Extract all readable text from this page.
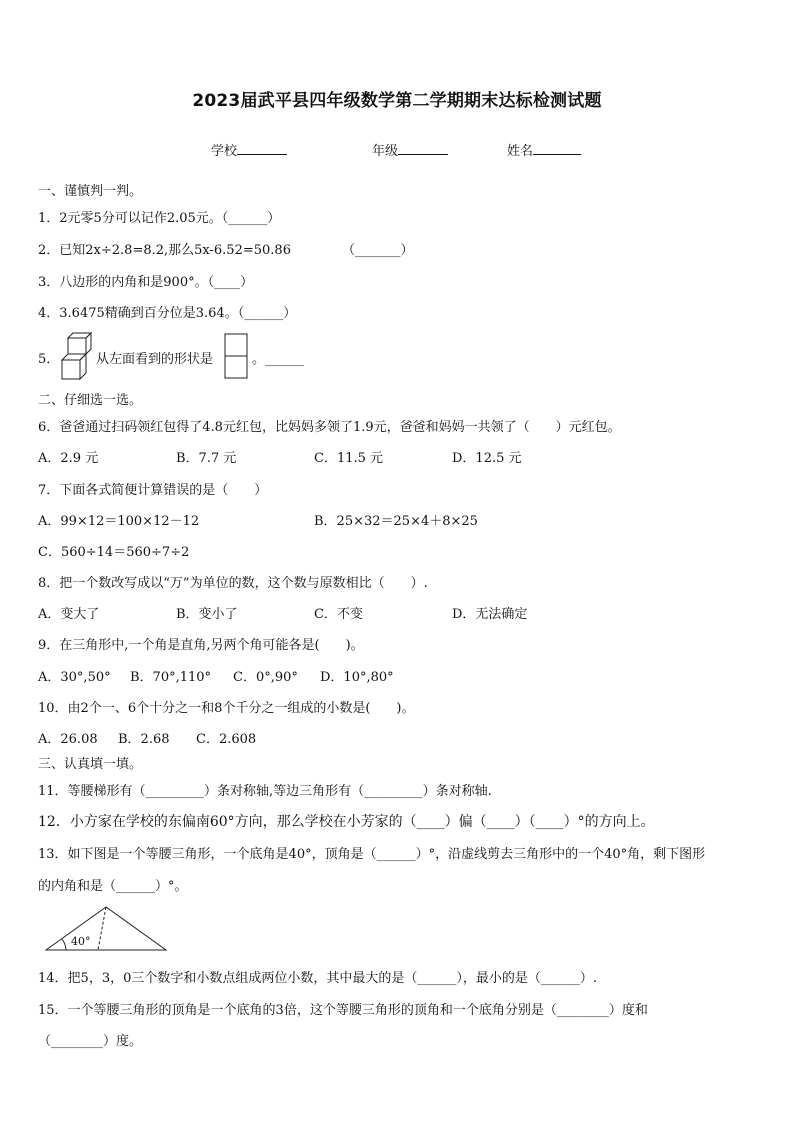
2023届武平县四年级数学第二学期期末达标检测试题
学校	年级	姓名
一、谨慎判一判。
1．2元零5分可以记作2.05元。（______）
2．已知2x÷2.8=8.2,那么5x-6.52=50.86	（_______）
3．八边形的内角和是900°。（____）
4．3.6475精确到百分位是3.64。（______）
5．	从左面看到的形状是	。______
二、仔细选一选。
6．爸爸通过扫码领红包得了4.8元红包，比妈妈多领了1.9元，爸爸和妈妈一共领了（　　）元红包。
A．2.9 元	B．7.7 元	C．11.5 元	D．12.5 元
7．下面各式简便计算错误的是（　　）
A．99×12＝100×12－12	B．25×32＝25×4＋8×25
C．560÷14＝560÷7÷2
8．把一个数改写成以“万”为单位的数，这个数与原数相比（　　）.
A．变大了	B．变小了	C．不变	D．无法确定
9．在三角形中,一个角是直角,另两个角可能各是(　　)。
A．30°,50° B．70°,110° C．0°,90° D．10°,80°
10．由2个一、6个十分之一和8个千分之一组成的小数是(　　)。
A．26.08 B．2.68 C．2.608
三、认真填一填。
11．等腰梯形有（_________）条对称轴,等边三角形有（_________）条对称轴.
12．小方家在学校的东偏南60°方向，那么学校在小芳家的（____）偏（____）（____）°的方向上。
13．如下图是一个等腰三角形，一个底角是40°，顶角是（______）°，沿虚线剪去三角形中的一个40°角，剩下图形
的内角和是（______）°。
40°
14．把5，3，0三个数字和小数点组成两位小数，其中最大的是（______），最小的是（______）.
15．一个等腰三角形的顶角是一个底角的3倍，这个等腰三角形的顶角和一个底角分别是（________）度和
（________）度。
